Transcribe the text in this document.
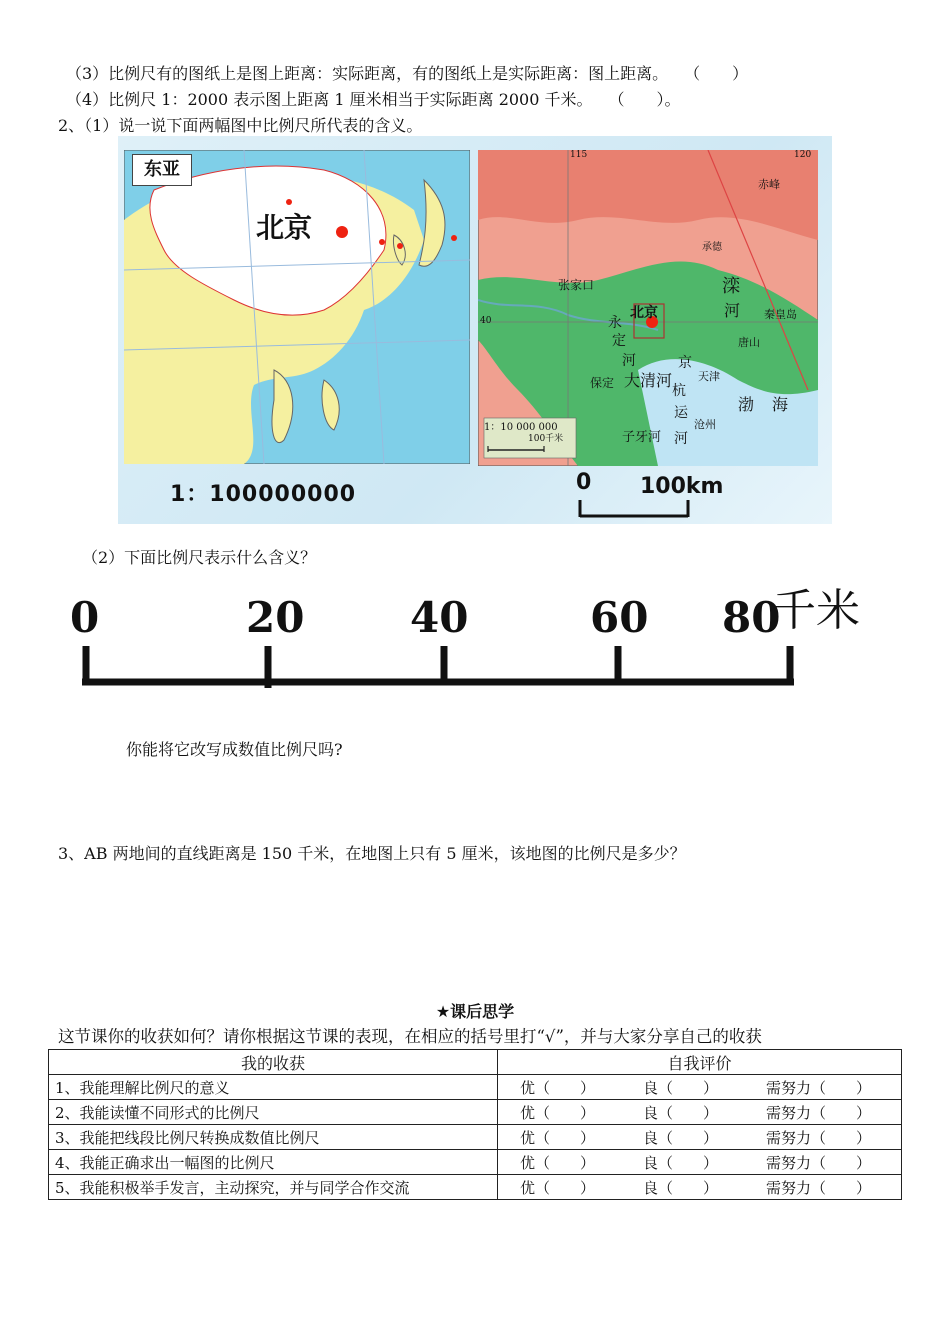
（3）比例尺有的图纸上是图上距离：实际距离，有的图纸上是实际距离：图上距离。　　（　　）
（4）比例尺 1：2000 表示图上距离 1 厘米相当于实际距离 2000 千米。　　（　　）。
2、（1）说一说下面两幅图中比例尺所代表的含义。
东亚
北京
1：100000000
1：10 000 000
100千米
115	120
40
赤峰
承德
张家口
北京
滦
河 秦皇岛
唐山
永
定
河
保定 大清河
京
杭
运
河
天津
沧州
子牙河
渤 海
0 100km
（2）下面比例尺表示什么含义？
0	20	40	60 80
千米
你能将它改写成数值比例尺吗?
3、AB 两地间的直线距离是 150 千米，在地图上只有 5 厘米，该地图的比例尺是多少？
★课后思学
这节课你的收获如何？请你根据这节课的表现，在相应的括号里打“√”，并与大家分享自己的收获
我的收获	自我评价
1、我能理解比例尺的意义	优（　　） 良（　　） 需努力（　　）

2、我能读懂不同形式的比例尺	优（　　） 良（　　） 需努力（　　）

3、我能把线段比例尺转换成数值比例尺	优（　　） 良（　　） 需努力（　　）

4、我能正确求出一幅图的比例尺	优（　　） 良（　　） 需努力（　　）

5、我能积极举手发言，主动探究，并与同学合作交流	优（　　） 良（　　） 需努力（　　）
